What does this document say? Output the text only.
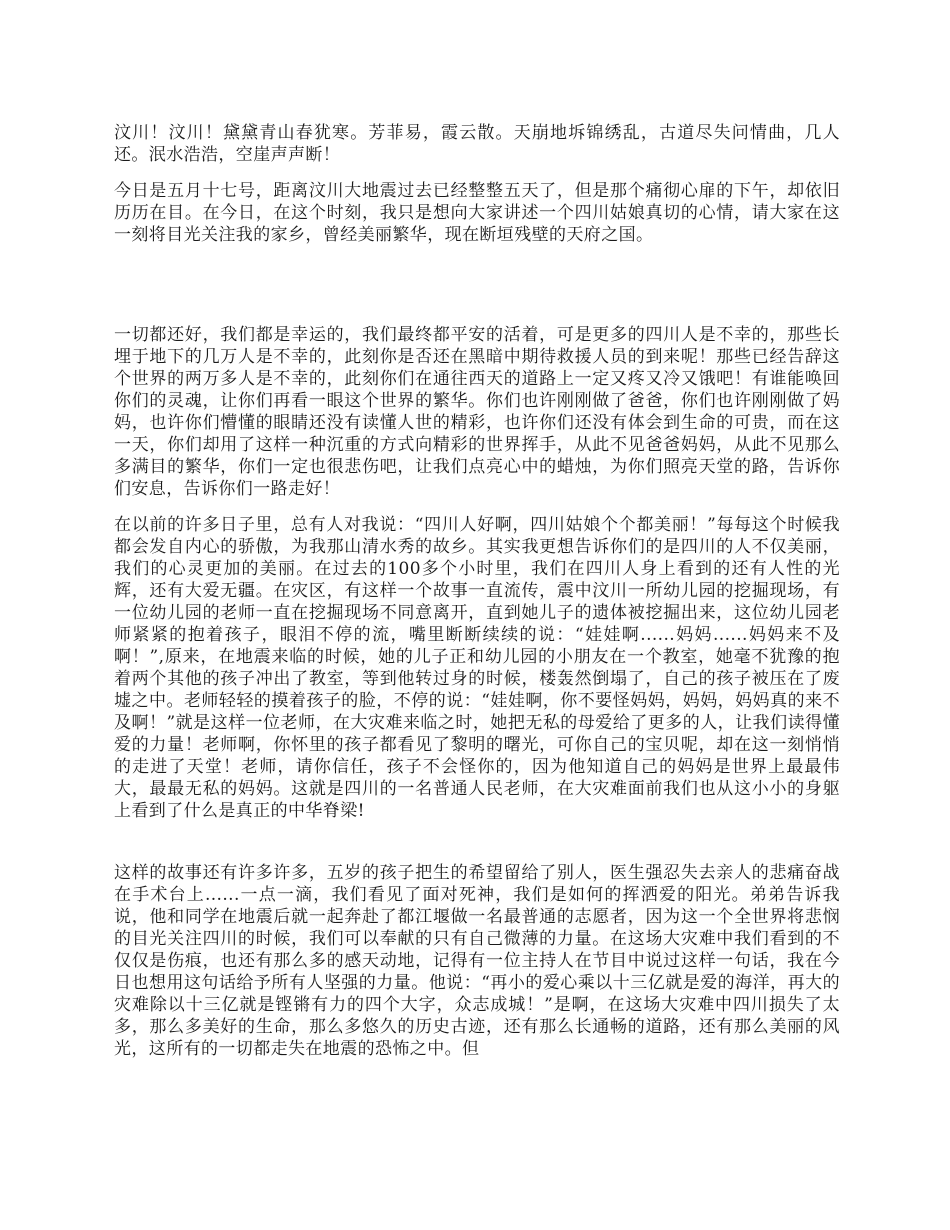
汶川！汶川！黛黛青山春犹寒。芳菲易，霞云散。天崩地坼锦绣乱，古道尽失问情曲，几人还。泯水浩浩，空崖声声断！

今日是五月十七号，距离汶川大地震过去已经整整五天了，但是那个痛彻心扉的下午，却依旧历历在目。在今日，在这个时刻，我只是想向大家讲述一个四川姑娘真切的心情，请大家在这一刻将目光关注我的家乡，曾经美丽繁华，现在断垣残壁的天府之国。

一切都还好，我们都是幸运的，我们最终都平安的活着，可是更多的四川人是不幸的，那些长埋于地下的几万人是不幸的，此刻你是否还在黑暗中期待救援人员的到来呢！那些已经告辞这个世界的两万多人是不幸的，此刻你们在通往西天的道路上一定又疼又冷又饿吧！有谁能唤回你们的灵魂，让你们再看一眼这个世界的繁华。你们也许刚刚做了爸爸，你们也许刚刚做了妈妈，也许你们懵懂的眼睛还没有读懂人世的精彩，也许你们还没有体会到生命的可贵，而在这一天，你们却用了这样一种沉重的方式向精彩的世界挥手，从此不见爸爸妈妈，从此不见那么多满目的繁华，你们一定也很悲伤吧，让我们点亮心中的蜡烛，为你们照亮天堂的路，告诉你们安息，告诉你们一路走好！

在以前的许多日子里，总有人对我说：“四川人好啊，四川姑娘个个都美丽！”每每这个时候我都会发自内心的骄傲，为我那山清水秀的故乡。其实我更想告诉你们的是四川的人不仅美丽，我们的心灵更加的美丽。在过去的100多个小时里，我们在四川人身上看到的还有人性的光辉，还有大爱无疆。在灾区，有这样一个故事一直流传，震中汶川一所幼儿园的挖掘现场，有一位幼儿园的老师一直在挖掘现场不同意离开，直到她儿子的遗体被挖掘出来，这位幼儿园老师紧紧的抱着孩子，眼泪不停的流，嘴里断断续续的说：“娃娃啊......妈妈......妈妈来不及啊！”,原来，在地震来临的时候，她的儿子正和幼儿园的小朋友在一个教室，她毫不犹豫的抱着两个其他的孩子冲出了教室，等到他转过身的时候，楼轰然倒塌了，自己的孩子被压在了废墟之中。老师轻轻的摸着孩子的脸，不停的说：“娃娃啊，你不要怪妈妈，妈妈，妈妈真的来不及啊！”就是这样一位老师，在大灾难来临之时，她把无私的母爱给了更多的人，让我们读得懂爱的力量！老师啊，你怀里的孩子都看见了黎明的曙光，可你自己的宝贝呢，却在这一刻悄悄的走进了天堂！老师，请你信任，孩子不会怪你的，因为他知道自己的妈妈是世界上最最伟大，最最无私的妈妈。这就是四川的一名普通人民老师，在大灾难面前我们也从这小小的身躯上看到了什么是真正的中华脊梁!

这样的故事还有许多许多，五岁的孩子把生的希望留给了别人，医生强忍失去亲人的悲痛奋战在手术台上......一点一滴，我们看见了面对死神，我们是如何的挥洒爱的阳光。弟弟告诉我说，他和同学在地震后就一起奔赴了都江堰做一名最普通的志愿者，因为这一个全世界将悲悯的目光关注四川的时候，我们可以奉献的只有自己微薄的力量。在这场大灾难中我们看到的不仅仅是伤痕，也还有那么多的感天动地，记得有一位主持人在节目中说过这样一句话，我在今日也想用这句话给予所有人坚强的力量。他说：“再小的爱心乘以十三亿就是爱的海洋，再大的灾难除以十三亿就是铿锵有力的四个大字，众志成城！”是啊，在这场大灾难中四川损失了太多，那么多美好的生命，那么多悠久的历史古迹，还有那么长通畅的道路，还有那么美丽的风光，这所有的一切都走失在地震的恐怖之中。但
